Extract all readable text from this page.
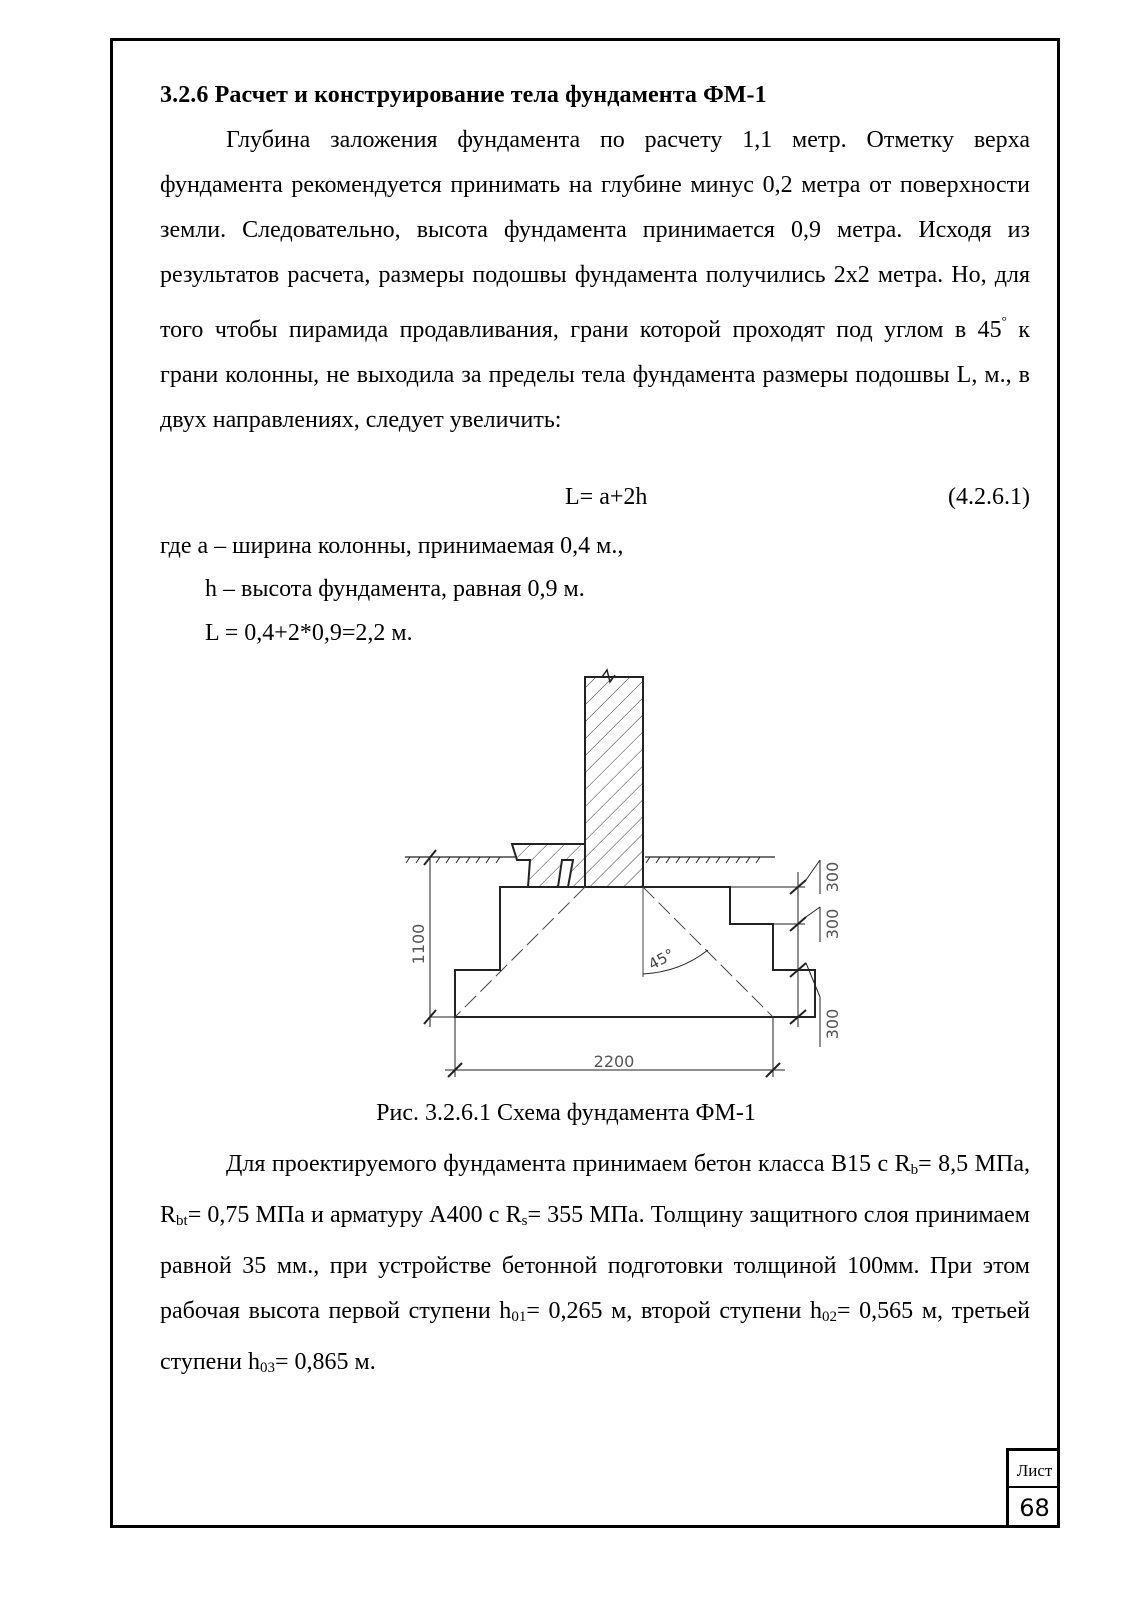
3.2.6 Расчет и конструирование тела фундамента ФМ-1
Глубина заложения фундамента по расчету 1,1 метр. Отметку верха фундамента рекомендуется принимать на глубине минус 0,2 метра от поверхности земли. Следовательно, высота фундамента принимается 0,9 метра. Исходя из результатов расчета, размеры подошвы фундамента получились 2х2 метра. Но, для того чтобы пирамида продавливания, грани которой проходят под углом в 45° к грани колонны, не выходила за пределы тела фундамента размеры подошвы L, м., в двух направлениях, следует увеличить:
L= a+2h	(4.2.6.1)
где a – ширина колонны, принимаемая 0,4 м.,
h – высота фундамента, равная 0,9 м.
L = 0,4+2*0,9=2,2 м.
45°
1100
2200
300
300
300
Рис. 3.2.6.1 Схема фундамента ФМ-1
Для проектируемого фундамента принимаем бетон класса В15 с $R_b= 8,5$ МПа, $R_{bt}= 0,75$ МПа и арматуру А400 с $R_s= 355$ МПа. Толщину защитного слоя принимаем равной 35 мм., при устройстве бетонной подготовки толщиной 100мм. При этом рабочая высота первой ступени $h_{01}= 0,265$ м, второй ступени $h_{02}= 0,565$ м, третьей ступени $h_{03}= 0,865$ м.
Лист
68
